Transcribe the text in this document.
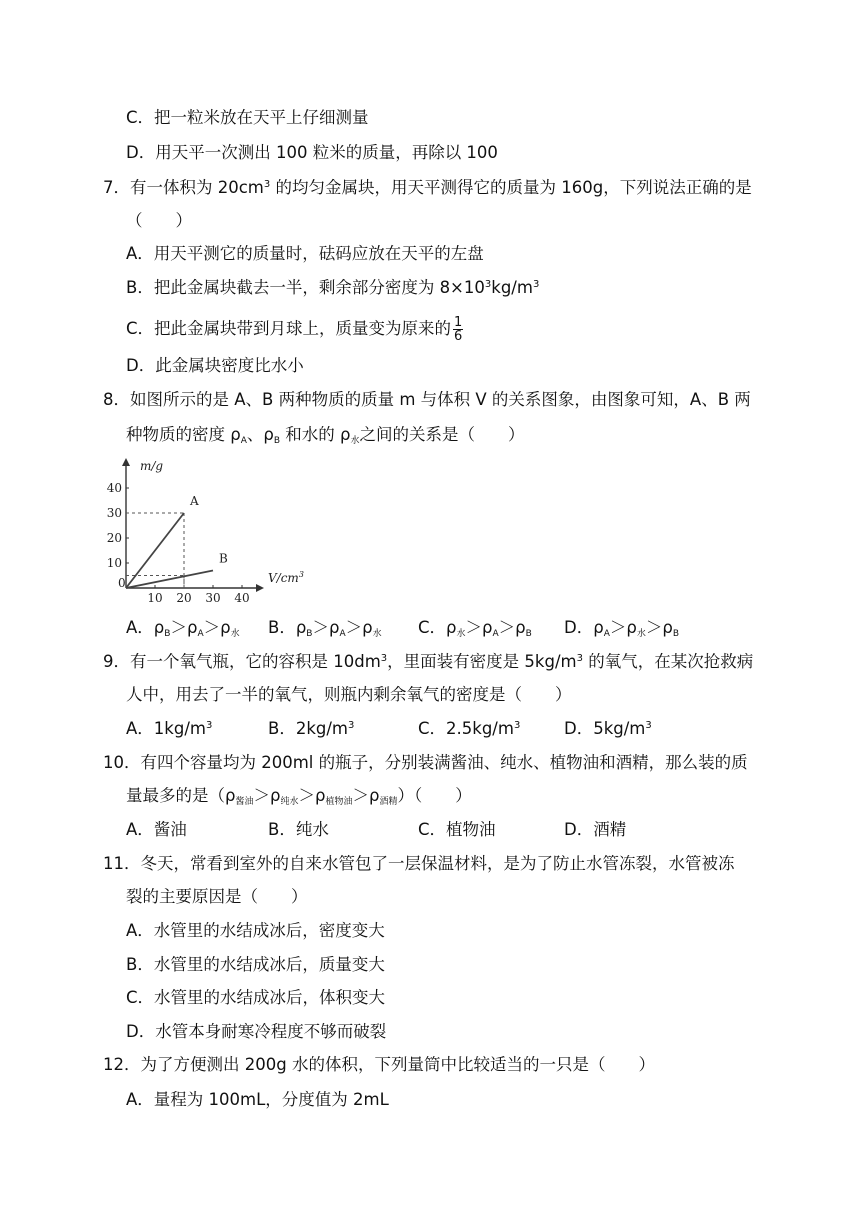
C．把一粒米放在天平上仔细测量
D．用天平一次测出 100 粒米的质量，再除以 100
7．有一体积为 $20cm^3$ 的均匀金属块，用天平测得它的质量为 160g，下列说法正确的是
（　　）
A．用天平测它的质量时，砝码应放在天平的左盘
B．把此金属块截去一半，剩余部分密度为 $8\times 10^3kg/m^3$
C．把此金属块带到月球上，质量变为原来的 $\frac{1}{6}$
D．此金属块密度比水小
8．如图所示的是 A、B 两种物质的质量 m 与体积 V 的关系图象，由图象可知，A、B 两
种物质的密度 $\rho_A$、$\rho_B$ 和水的 $\rho_水$之间的关系是（　　）
10 20 30 40
10
20
30
40
A
B
m/g
$V/cm^3$
0
A．$\rho_B>\rho_A>\rho_水$ B．$\rho_B>\rho_A>\rho_水$ C．$\rho_水>\rho_A>\rho_B$ D．$\rho_A>\rho_水>\rho_B$
9．有一个氧气瓶，它的容积是 $10dm^3$，里面装有密度是 $5kg/m^3$ 的氧气，在某次抢救病
人中，用去了一半的氧气，则瓶内剩余氧气的密度是（　　）
A．$1kg/m^3$	B．$2kg/m^3$	C．$2.5kg/m^3$	D．$5kg/m^3$
10．有四个容量均为 200ml 的瓶子，分别装满酱油、纯水、植物油和酒精，那么装的质
量最多的是$(\rho_{酱油}>\rho_{纯水}>\rho_{植物油}>\rho_{酒精})$（　　）
A．酱油	B．纯水	C．植物油	D．酒精
11．冬天，常看到室外的自来水管包了一层保温材料，是为了防止水管冻裂，水管被冻
裂的主要原因是（　　）
A．水管里的水结成冰后，密度变大
B．水管里的水结成冰后，质量变大
C．水管里的水结成冰后，体积变大
D．水管本身耐寒冷程度不够而破裂
12．为了方便测出 200g 水的体积，下列量筒中比较适当的一只是（　　）
A．量程为 100mL，分度值为 2mL
